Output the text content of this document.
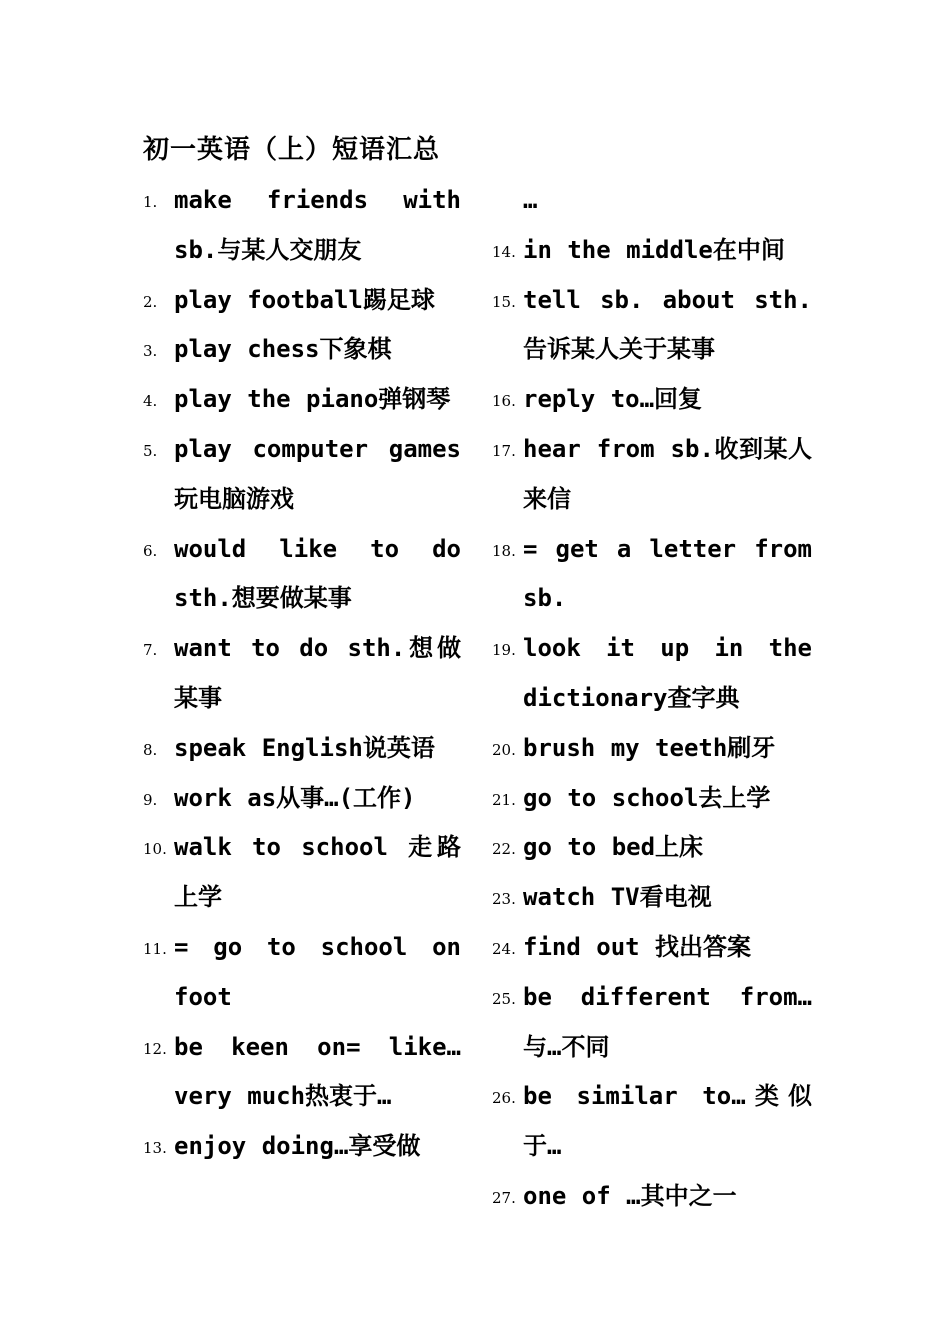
初一英语（上）短语汇总
1. make friends with sb.与某人交朋友
2. play football踢足球
3. play chess下象棋
4. play the piano弹钢琴
5. play computer games 玩电脑游戏
6. would like to do sth.想要做某事
7. want to do sth.想做某事
8. speak English说英语
9. work as从事…(工作)
10. walk to school 走路上学
11. = go to school on foot
12. be keen on= like… very much热衷于…
13. enjoy doing…享受做
…
14. in the middle在中间
15. tell sb. about sth. 告诉某人关于某事
16. reply to…回复
17. hear from sb.收到某人来信
18. = get a letter from sb.
19. look it up in the dictionary查字典
20. brush my teeth刷牙
21. go to school去上学
22. go to bed上床
23. watch TV看电视
24. find out 找出答案
25. be different from… 与…不同
26. be similar to…类似于…
27. one of …其中之一
